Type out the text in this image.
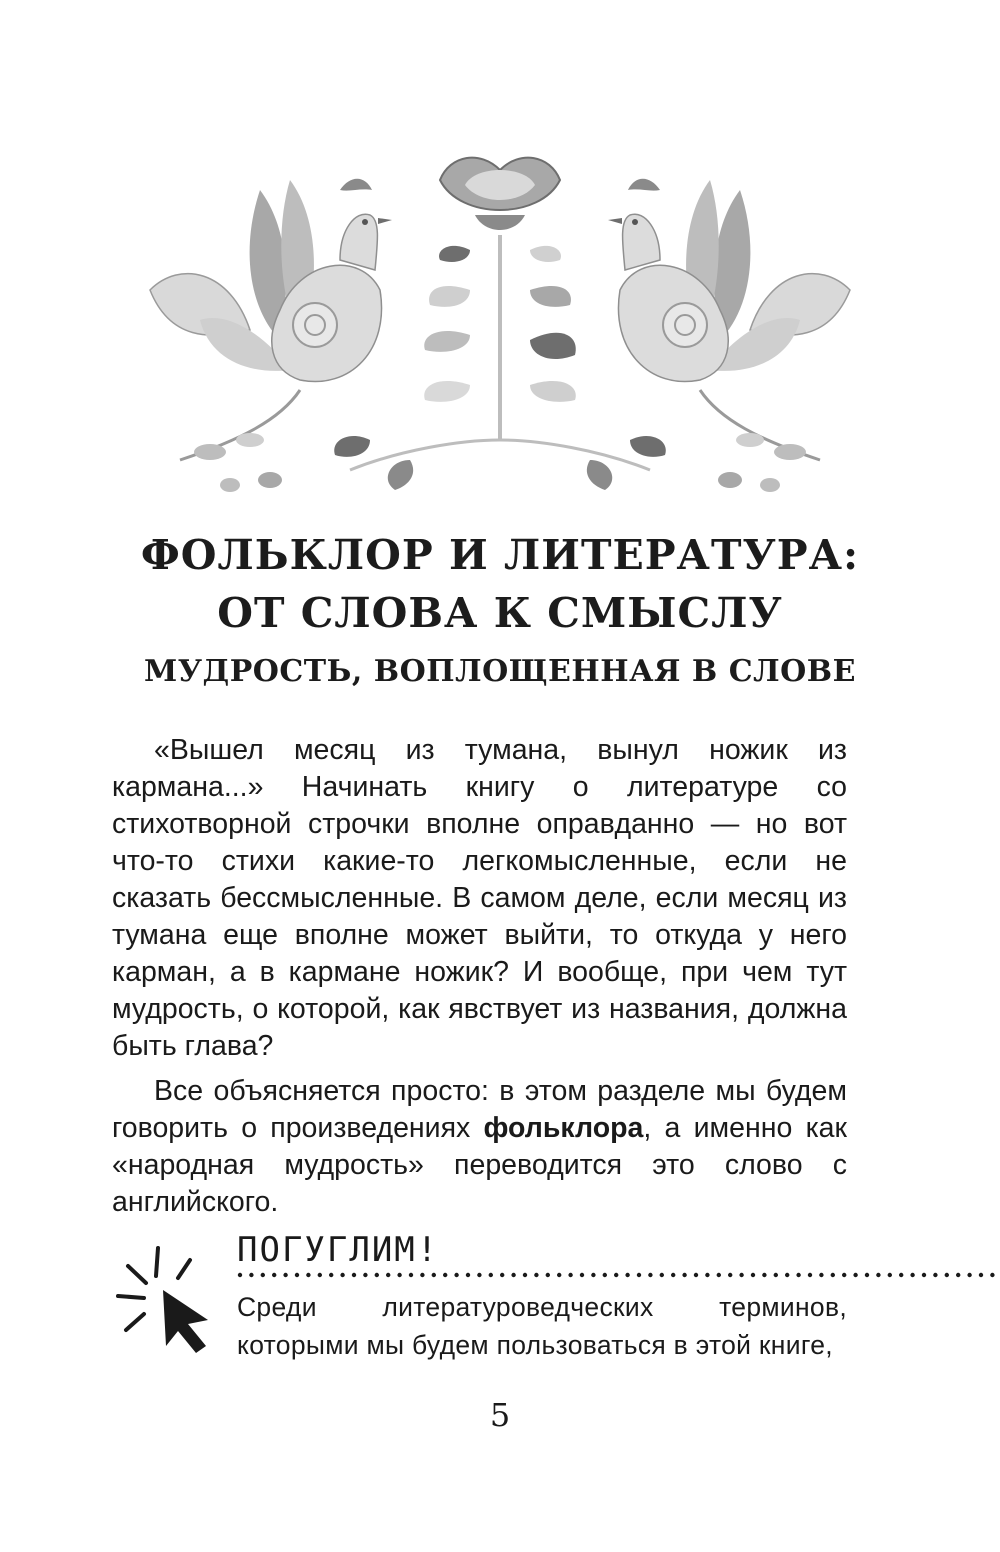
ФОЛЬКЛОР И ЛИТЕРАТУРА:
ОТ СЛОВА К СМЫСЛУ
МУДРОСТЬ, ВОПЛОЩЕННАЯ В СЛОВЕ

«Вышел месяц из тумана, вынул ножик из кармана...» Начинать книгу о литературе со стихотворной строчки вполне оправданно — но вот что-то стихи какие-то легкомысленные, если не сказать бессмысленные. В самом деле, если месяц из тумана еще вполне может выйти, то откуда у него карман, а в кармане ножик? И вообще, при чем тут мудрость, о которой, как явствует из названия, должна быть глава?

Все объясняется просто: в этом разделе мы будем говорить о произведениях фольклора, а именно как «народная мудрость» переводится это слово с английского.

ПОГУГЛИМ!

Среди литературоведческих терминов, которыми мы будем пользоваться в этой книге,

5
